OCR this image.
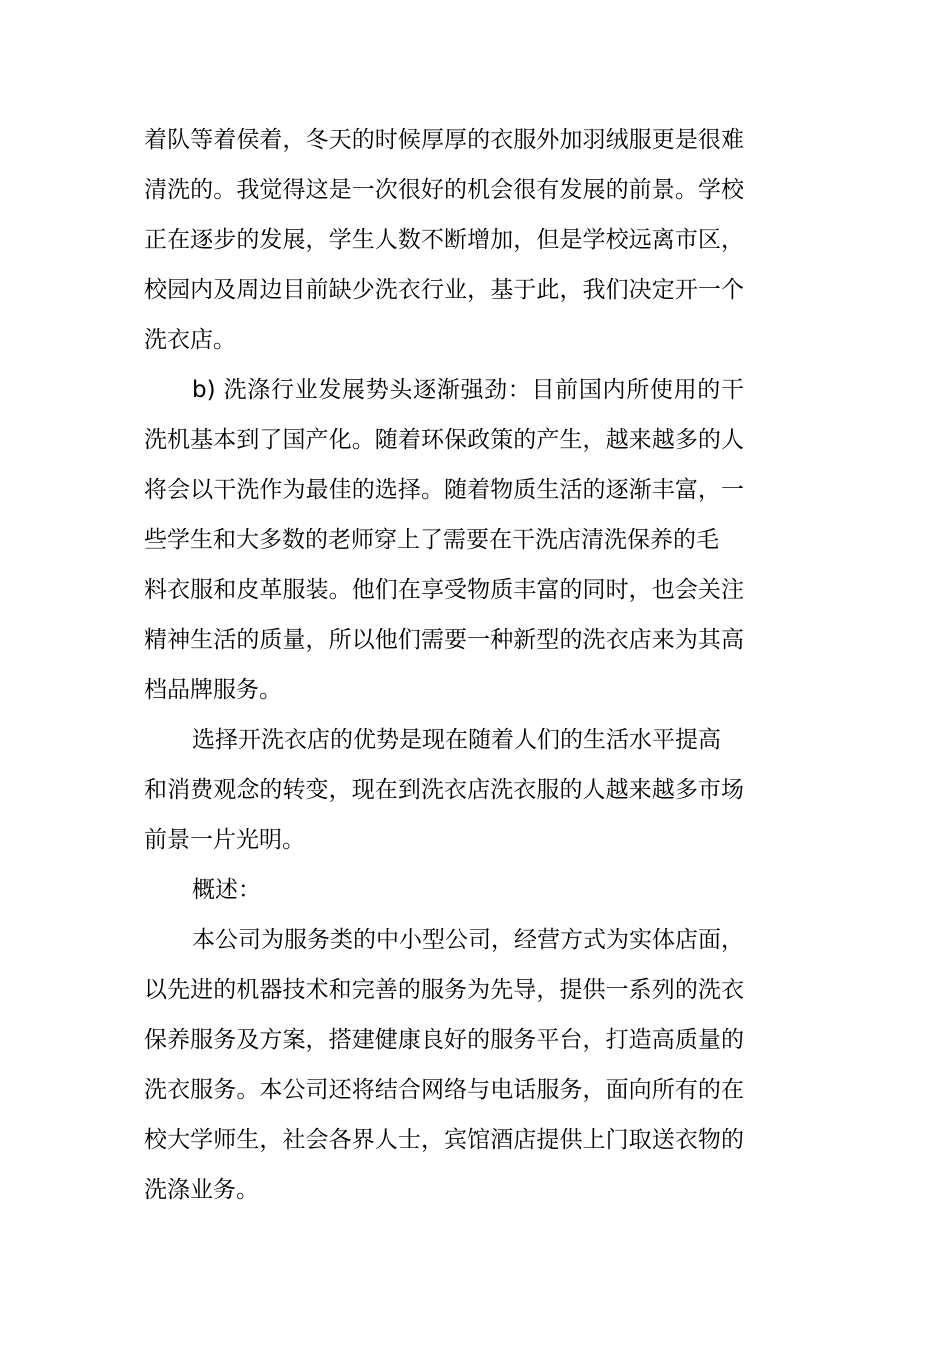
着队等着侯着，冬天的时候厚厚的衣服外加羽绒服更是很难
清洗的。我觉得这是一次很好的机会很有发展的前景。学校
正在逐步的发展，学生人数不断增加，但是学校远离市区，
校园内及周边目前缺少洗衣行业，基于此，我们决定开一个
洗衣店。
b) 洗涤行业发展势头逐渐强劲：目前国内所使用的干
洗机基本到了国产化。随着环保政策的产生，越来越多的人
将会以干洗作为最佳的选择。随着物质生活的逐渐丰富，一
些学生和大多数的老师穿上了需要在干洗店清洗保养的毛
料衣服和皮革服装。他们在享受物质丰富的同时，也会关注
精神生活的质量，所以他们需要一种新型的洗衣店来为其高
档品牌服务。
选择开洗衣店的优势是现在随着人们的生活水平提高
和消费观念的转变，现在到洗衣店洗衣服的人越来越多市场
前景一片光明。
概述：
本公司为服务类的中小型公司，经营方式为实体店面，
以先进的机器技术和完善的服务为先导，提供一系列的洗衣
保养服务及方案，搭建健康良好的服务平台，打造高质量的
洗衣服务。本公司还将结合网络与电话服务，面向所有的在
校大学师生，社会各界人士，宾馆酒店提供上门取送衣物的
洗涤业务。
